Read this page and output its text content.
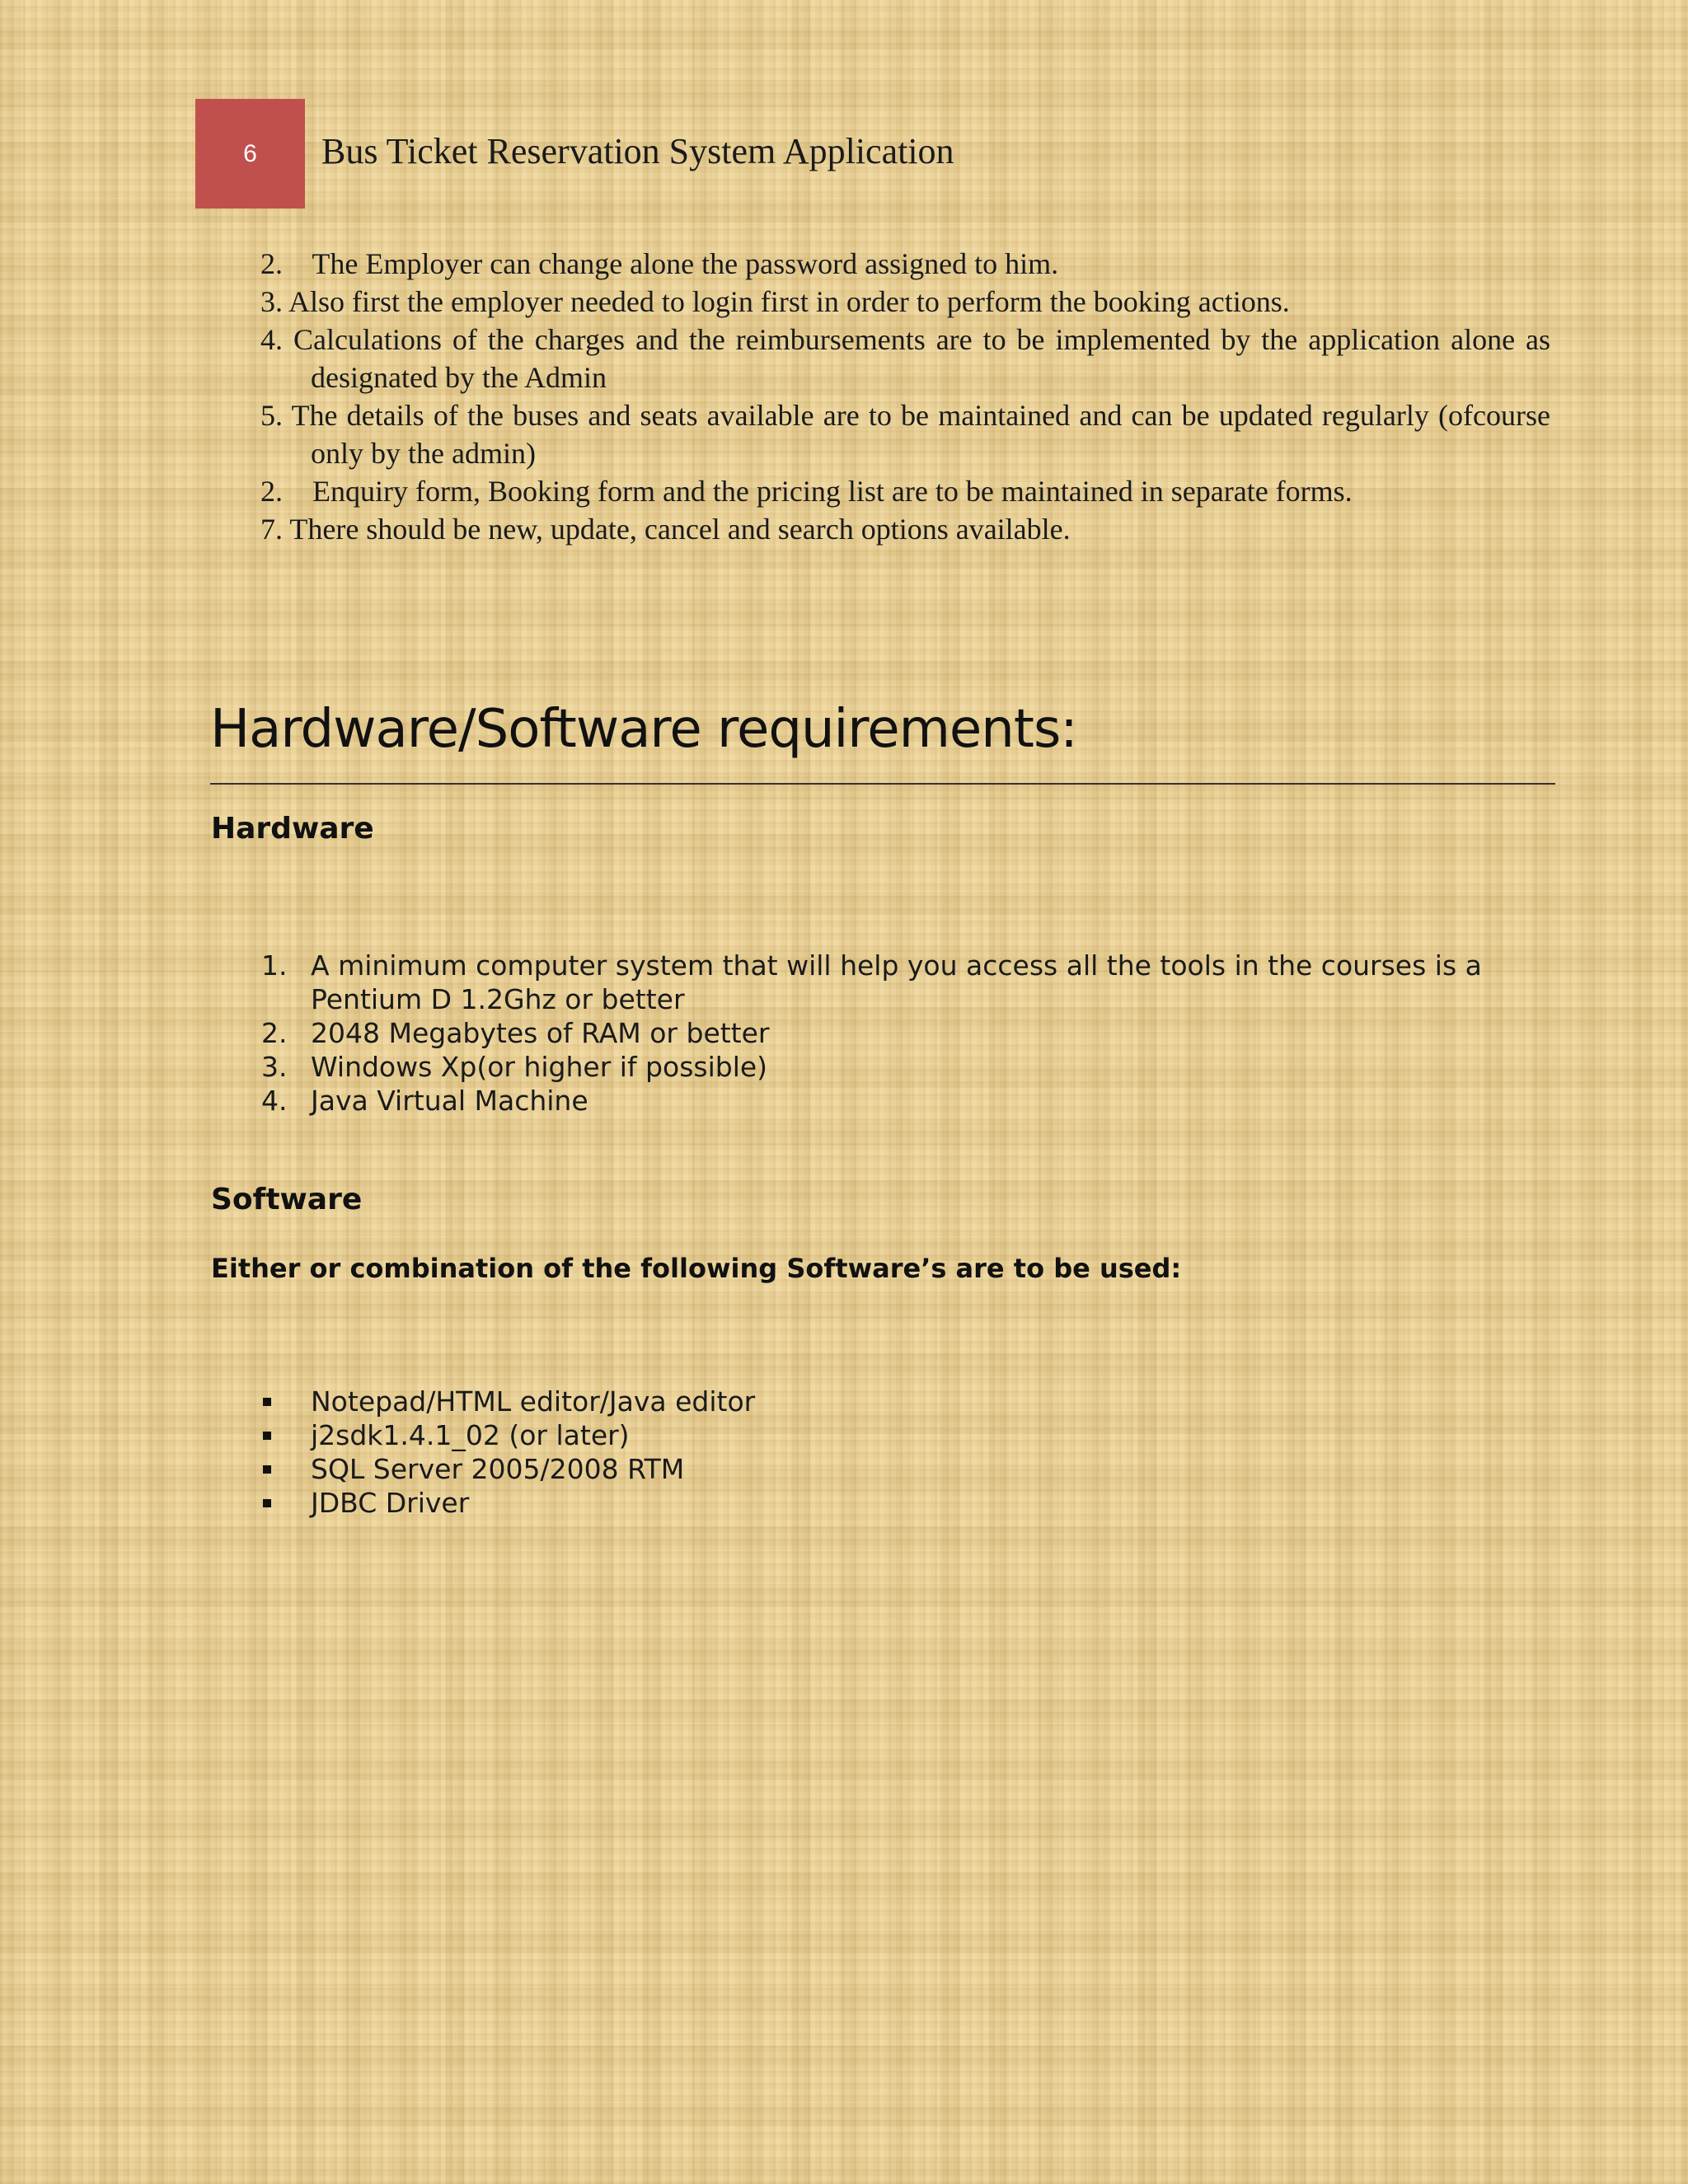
6 Bus Ticket Reservation System Application
2. The Employer can change alone the password assigned to him.
3. Also first the employer needed to login first in order to perform the booking actions.
4. Calculations of the charges and the reimbursements are to be implemented by the application alone as designated by the Admin
5. The details of the buses and seats available are to be maintained and can be updated regularly (ofcourse only by the admin)
2. Enquiry form, Booking form and the pricing list are to be maintained in separate forms.
7. There should be new, update, cancel and search options available.
Hardware/Software requirements:
Hardware
1. A minimum computer system that will help you access all the tools in the courses is a Pentium D 1.2Ghz or better
2. 2048 Megabytes of RAM or better
3. Windows Xp(or higher if possible)
4. Java Virtual Machine
Software

Either or combination of the following Software’s are to be used:

Notepad/HTML editor/Java editor
j2sdk1.4.1_02 (or later)
SQL Server 2005/2008 RTM
JDBC Driver
